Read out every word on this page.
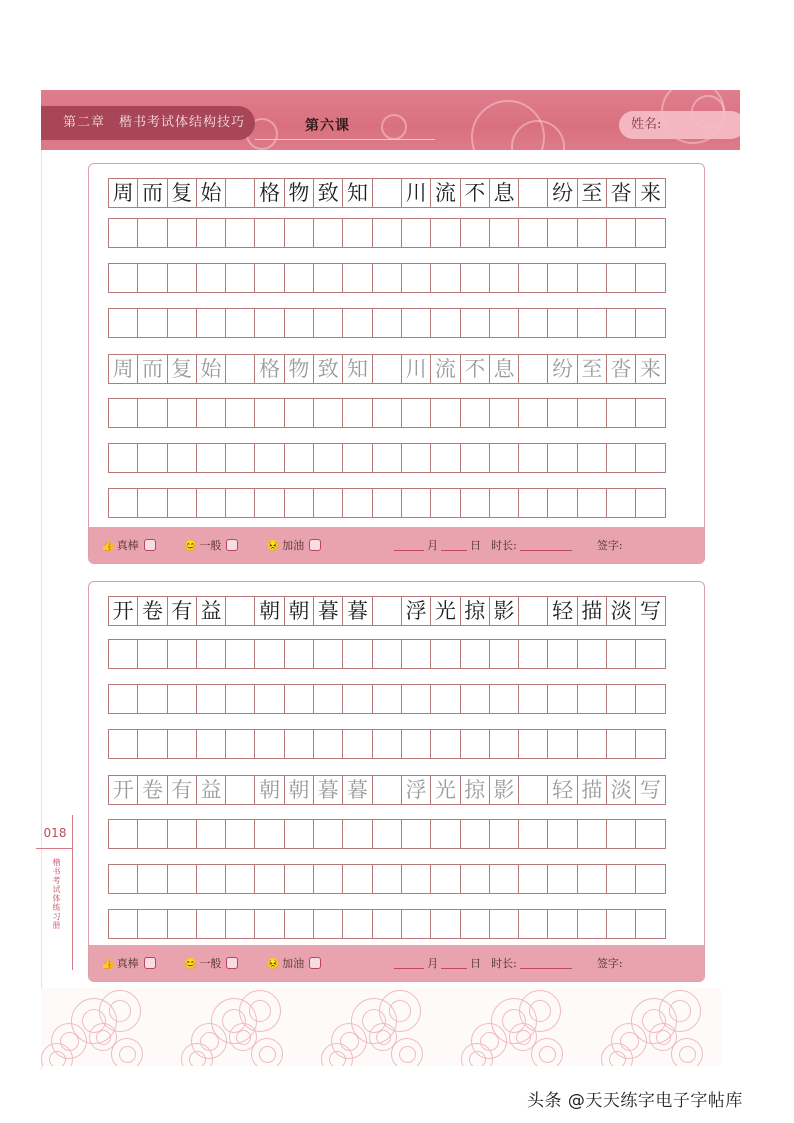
第二章 楷书考试体结构技巧	第六课	姓名:
周 而 复 始 格 物 致 知 川 流 不 息 纷 至 沓 来
周 而 复 始 格 物 致 知 川 流 不 息 纷 至 沓 来
👍 真棒	😊 一般	😣 加油	月	日 时长:	签字:
开 卷 有 益 朝 朝 暮 暮 浮 光 掠 影 轻 描 淡 写
开 卷 有 益 朝 朝 暮 暮 浮 光 掠 影 轻 描 淡 写
👍 真棒	😊 一般	😣 加油	月	日 时长:	签字:
018
楷书考试体练习册
头条 @天天练字电子字帖库
